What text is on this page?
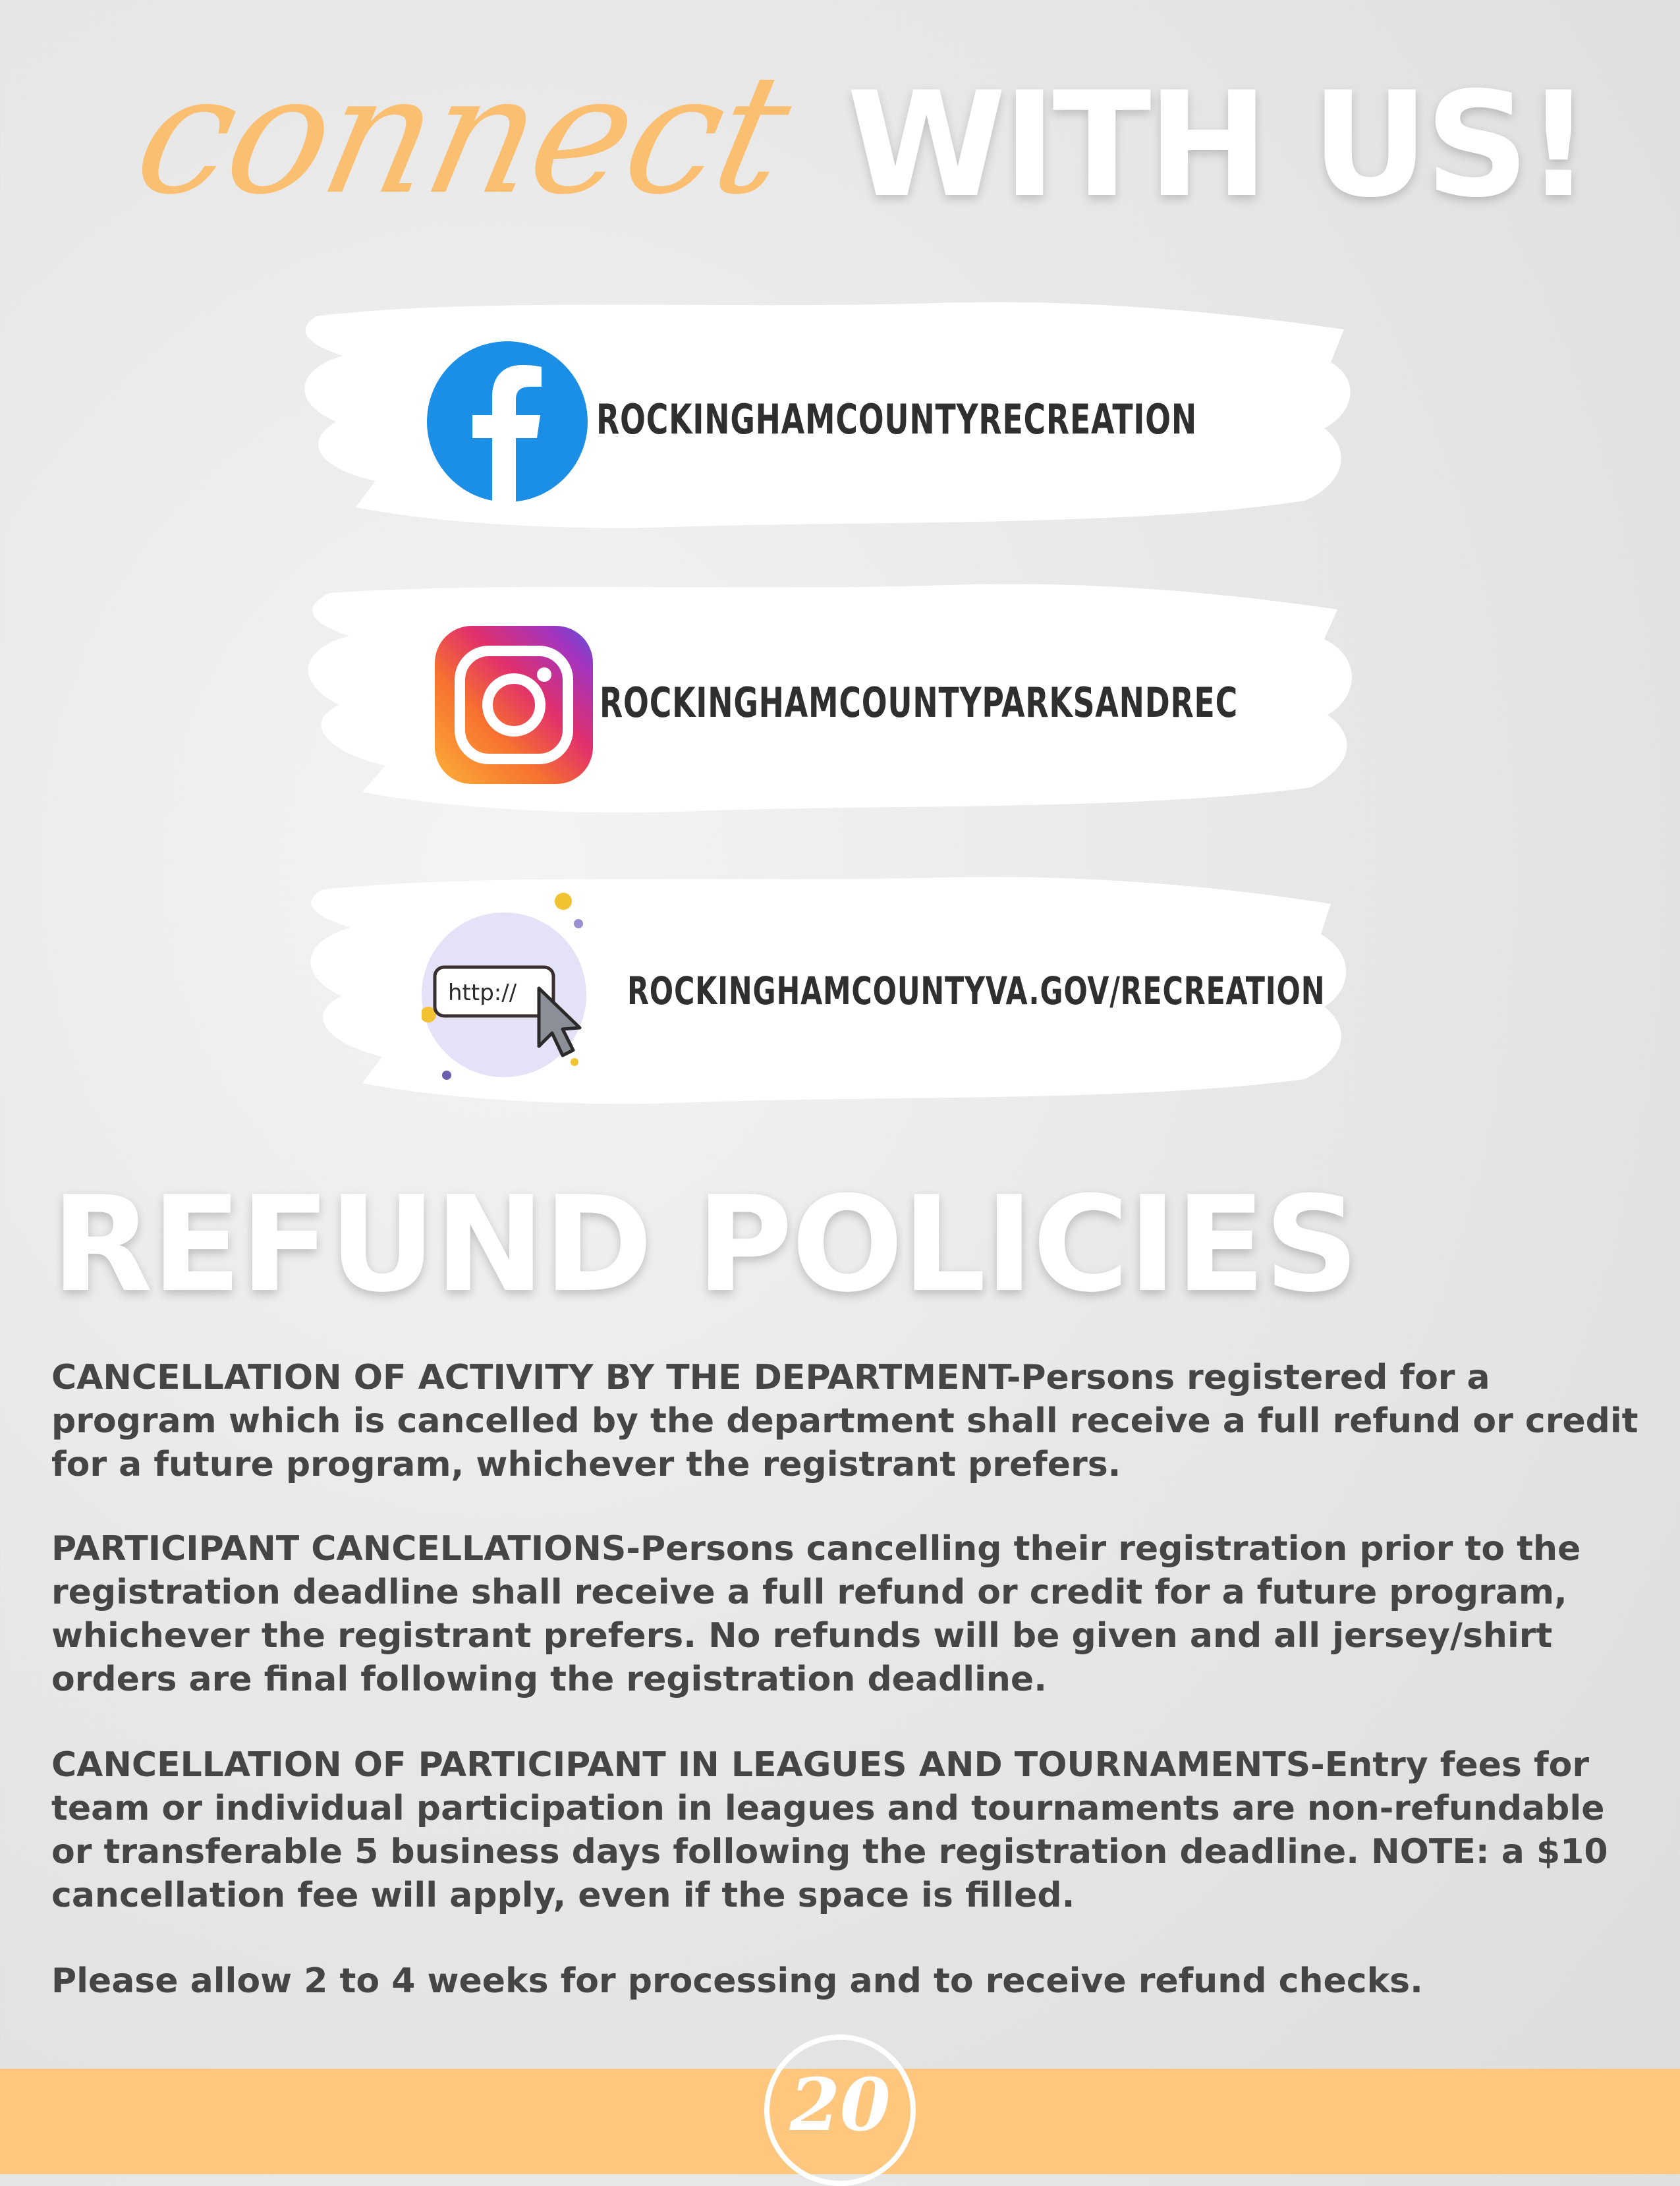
connect WITH US!
ROCKINGHAMCOUNTYRECREATION
ROCKINGHAMCOUNTYPARKSANDREC
http://	ROCKINGHAMCOUNTYVA.GOV/RECREATION
REFUND POLICIES

CANCELLATION OF ACTIVITY BY THE DEPARTMENT-Persons registered for a program which is cancelled by the department shall receive a full refund or credit for a future program, whichever the registrant prefers.

PARTICIPANT CANCELLATIONS-Persons cancelling their registration prior to the registration deadline shall receive a full refund or credit for a future program, whichever the registrant prefers. No refunds will be given and all jersey/shirt orders are final following the registration deadline.

CANCELLATION OF PARTICIPANT IN LEAGUES AND TOURNAMENTS-Entry fees for team or individual participation in leagues and tournaments are non-refundable or transferable 5 business days following the registration deadline. NOTE: a $10 cancellation fee will apply, even if the space is filled.

Please allow 2 to 4 weeks for processing and to receive refund checks.

20
